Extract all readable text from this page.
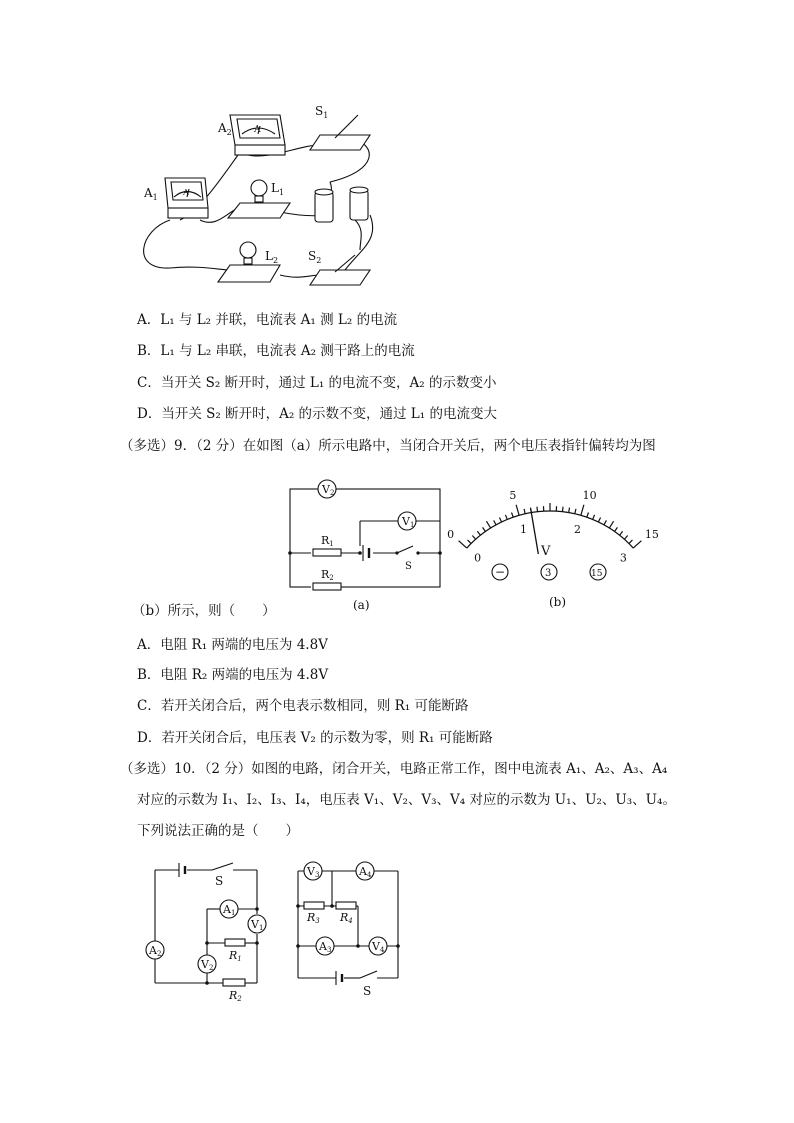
$A_2$
$A_1$
$L_1$
$L_2$
$S_1$
$S_2$
A
A
A．L₁ 与 L₂ 并联，电流表 A₁ 测 L₂ 的电流
B．L₁ 与 L₂ 串联，电流表 A₂ 测干路上的电流
C．当开关 S₂ 断开时，通过 L₁ 的电流不变，A₂ 的示数变小
D．当开关 S₂ 断开时，A₂ 的示数不变，通过 L₁ 的电流变大
（多选）9．（2 分）在如图（a）所示电路中，当闭合开关后，两个电压表指针偏转均为图
V2
V1
R1
R2
S
(a)
0
5	10
15
0
1	2
3
−	3	15
V
(b)
（b）所示，则（　　）
A．电阻 R₁ 两端的电压为 4.8V
B．电阻 R₂ 两端的电压为 4.8V
C．若开关闭合后，两个电表示数相同，则 R₁ 可能断路
D．若开关闭合后，电压表 V₂ 的示数为零，则 R₁ 可能断路
（多选）10．（2 分）如图的电路，闭合开关，电路正常工作，图中电流表 A₁、A₂、A₃、A₄
对应的示数为 I₁、I₂、I₃、I₄，电压表 V₁、V₂、V₃、V₄ 对应的示数为 U₁、U₂、U₃、U₄。
下列说法正确的是（　　）
S
A1
V1
A2
V2
R1
R2
V3	A4
R3 R4
A3	V4
S
